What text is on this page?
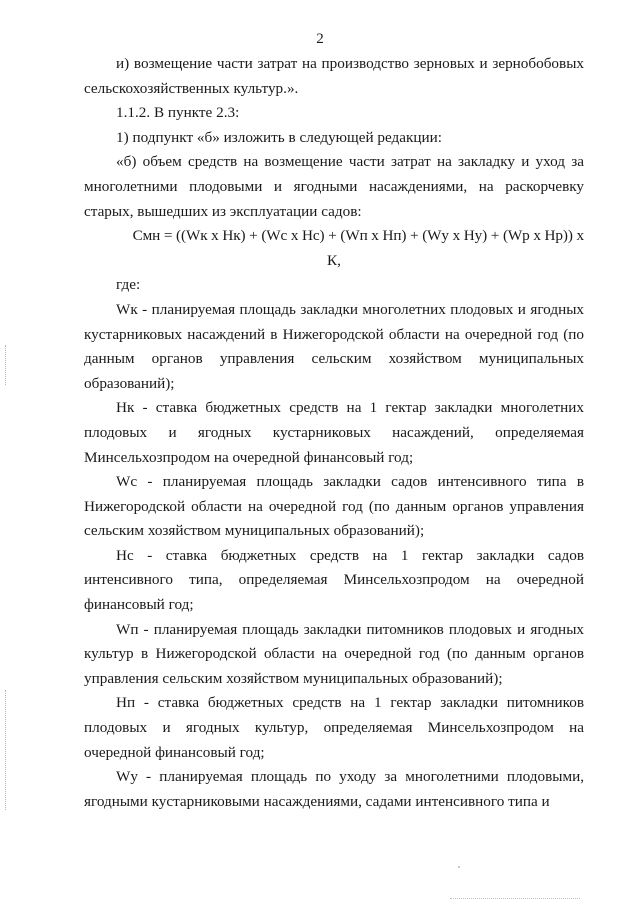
2

и) возмещение части затрат на производство зерновых и зернобобовых сельскохозяйственных культур.».

1.1.2. В пункте 2.3:

1) подпункт «б» изложить в следующей редакции:

«б) объем средств на возмещение части затрат на закладку и уход за многолетними плодовыми и ягодными насаждениями, на раскорчевку старых, вышедших из эксплуатации садов:

Смн = ((Wк х Нк) + (Wc х Нс) + (Wп х Нп) + (Wу х Ну) + (Wр х Нр)) х

К,

где:

Wк - планируемая площадь закладки многолетних плодовых и ягодных кустарниковых насаждений в Нижегородской области на очередной год (по данным органов управления сельским хозяйством муниципальных образований);

Нк - ставка бюджетных средств на 1 гектар закладки многолетних плодовых и ягодных кустарниковых насаждений, определяемая Минсельхозпродом на очередной финансовый год;

Wc - планируемая площадь закладки садов интенсивного типа в Нижегородской области на очередной год (по данным органов управления сельским хозяйством муниципальных образований);

Нс - ставка бюджетных средств на 1 гектар закладки садов интенсивного типа, определяемая Минсельхозпродом на очередной финансовый год;

Wп - планируемая площадь закладки питомников плодовых и ягодных культур в Нижегородской области на очередной год (по данным органов управления сельским хозяйством муниципальных образований);

Нп - ставка бюджетных средств на 1 гектар закладки питомников плодовых и ягодных культур, определяемая Минсельхозпродом на очередной финансовый год;

Wу - планируемая площадь по уходу за многолетними плодовыми, ягодными кустарниковыми насаждениями, садами интенсивного типа и
